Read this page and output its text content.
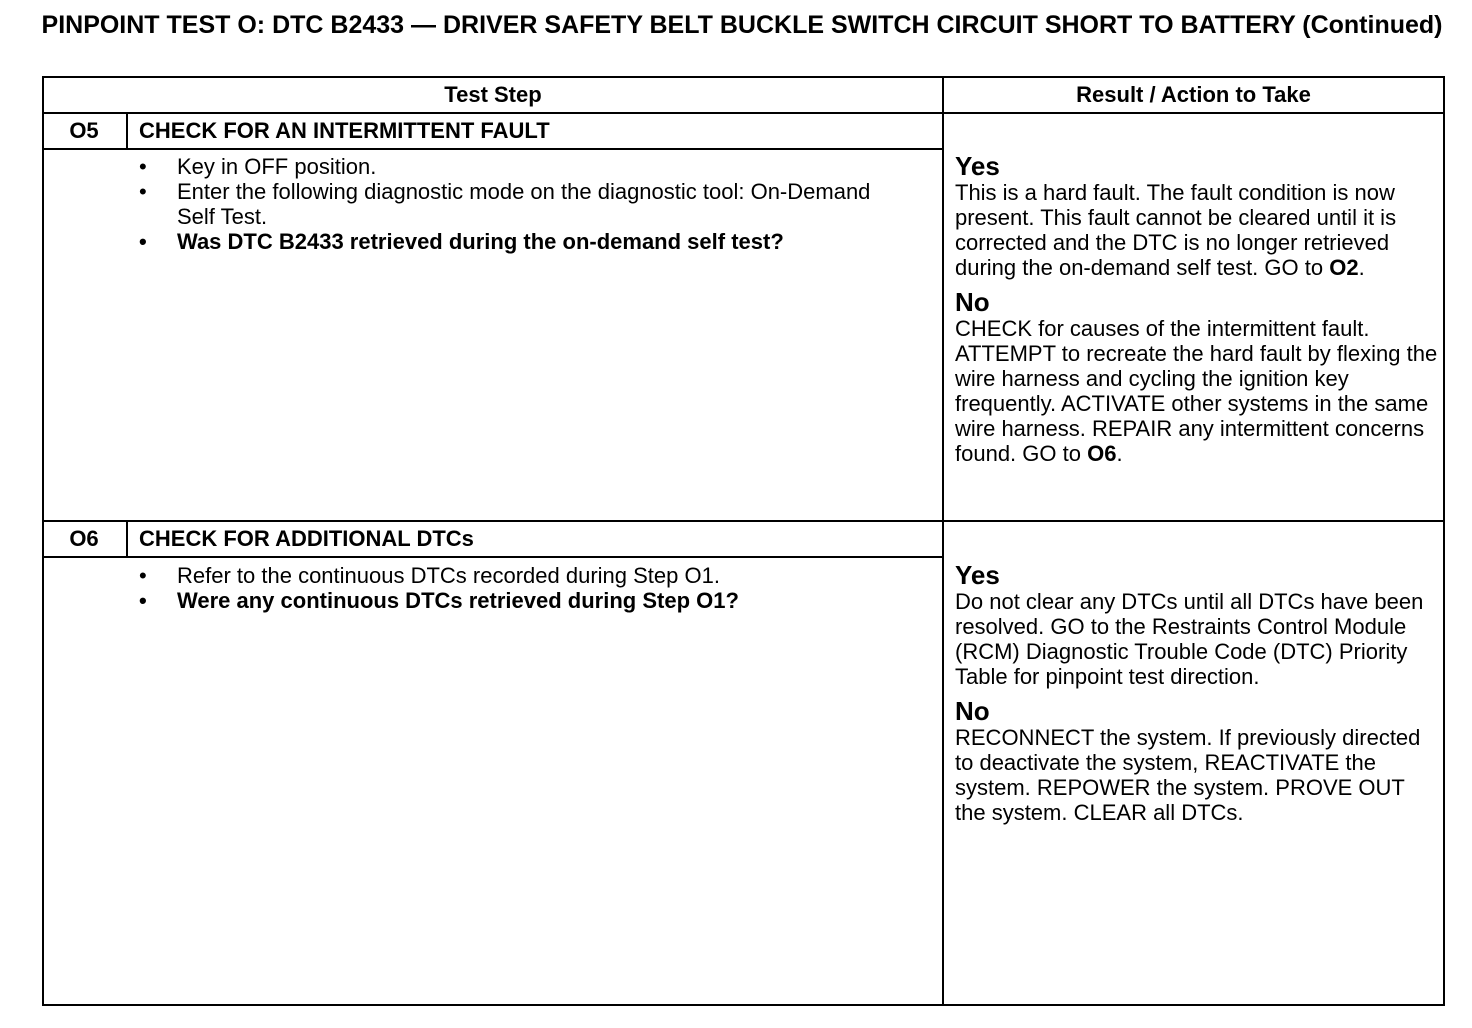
PINPOINT TEST O: DTC B2433 — DRIVER SAFETY BELT BUCKLE SWITCH CIRCUIT SHORT TO BATTERY (Continued)
Test Step	Result / Action to Take
O5	CHECK FOR AN INTERMITTENT FAULT
•	Key in OFF position.
•	Enter the following diagnostic mode on the diagnostic tool: On-Demand Self Test.
•	Was DTC B2433 retrieved during the on-demand self test?
Yes
This is a hard fault. The fault condition is now present. This fault cannot be cleared until it is corrected and the DTC is no longer retrieved during the on-demand self test. GO to O2.
No
CHECK for causes of the intermittent fault. ATTEMPT to recreate the hard fault by flexing the wire harness and cycling the ignition key frequently. ACTIVATE other systems in the same wire harness. REPAIR any intermittent concerns found. GO to O6.
O6	CHECK FOR ADDITIONAL DTCs
•	Refer to the continuous DTCs recorded during Step O1.
•	Were any continuous DTCs retrieved during Step O1?
Yes
Do not clear any DTCs until all DTCs have been resolved. GO to the Restraints Control Module (RCM) Diagnostic Trouble Code (DTC) Priority Table for pinpoint test direction.
No
RECONNECT the system. If previously directed to deactivate the system, REACTIVATE the system. REPOWER the system. PROVE OUT the system. CLEAR all DTCs.
